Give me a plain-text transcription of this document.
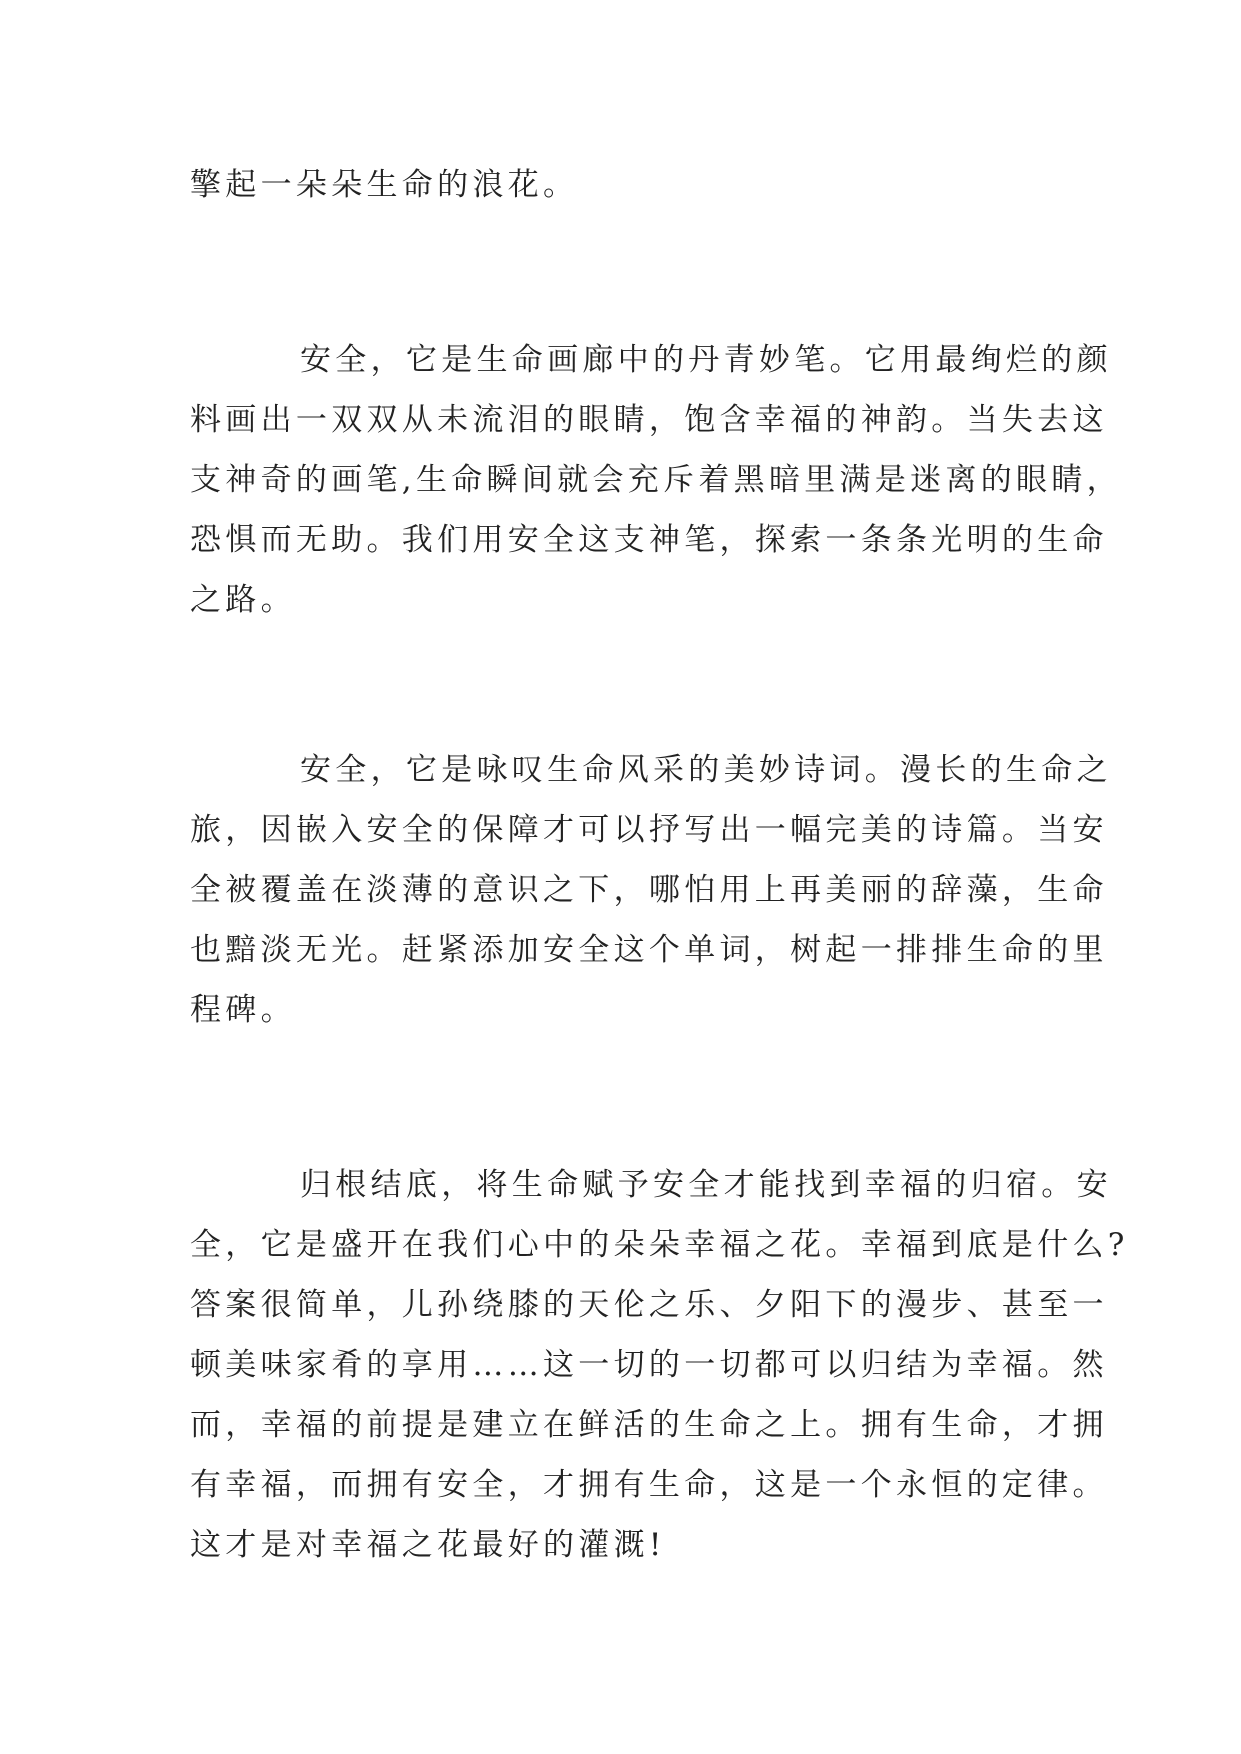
擎起一朵朵生命的浪花。

安全，它是生命画廊中的丹青妙笔。它用最绚烂的颜

料画出一双双从未流泪的眼睛，饱含幸福的神韵。当失去这

支神奇的画笔,生命瞬间就会充斥着黑暗里满是迷离的眼睛，

恐惧而无助。我们用安全这支神笔，探索一条条光明的生命

之路。

安全，它是咏叹生命风采的美妙诗词。漫长的生命之

旅，因嵌入安全的保障才可以抒写出一幅完美的诗篇。当安

全被覆盖在淡薄的意识之下，哪怕用上再美丽的辞藻，生命

也黯淡无光。赶紧添加安全这个单词，树起一排排生命的里

程碑。

归根结底，将生命赋予安全才能找到幸福的归宿。安

全，它是盛开在我们心中的朵朵幸福之花。幸福到底是什么?

答案很简单，儿孙绕膝的天伦之乐、夕阳下的漫步、甚至一

顿美味家肴的享用……这一切的一切都可以归结为幸福。然

而，幸福的前提是建立在鲜活的生命之上。拥有生命，才拥

有幸福，而拥有安全，才拥有生命，这是一个永恒的定律。

这才是对幸福之花最好的灌溉!
